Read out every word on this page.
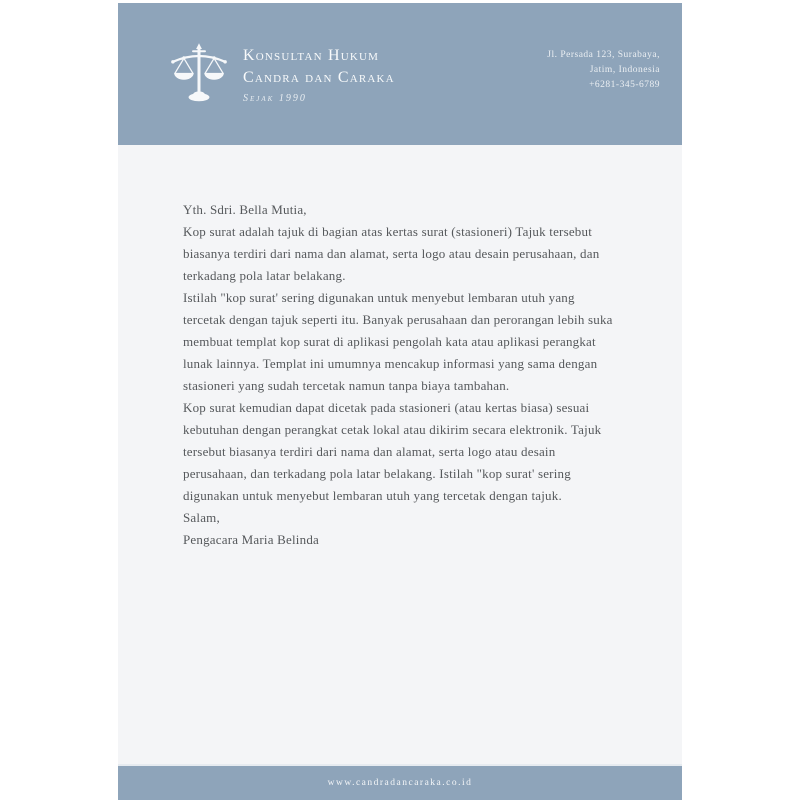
Konsultan Hukum
Candra dan Caraka
Sejak 1990
Jl. Persada 123, Surabaya,
Jatim, Indonesia
+6281-345-6789

Yth. Sdri. Bella Mutia,

Kop surat adalah tajuk di bagian atas kertas surat (stasioneri) Tajuk tersebut biasanya terdiri dari nama dan alamat, serta logo atau desain perusahaan, dan terkadang pola latar belakang.

Istilah "kop surat' sering digunakan untuk menyebut lembaran utuh yang tercetak dengan tajuk seperti itu. Banyak perusahaan dan perorangan lebih suka membuat templat kop surat di aplikasi pengolah kata atau aplikasi perangkat lunak lainnya. Templat ini umumnya mencakup informasi yang sama dengan stasioneri yang sudah tercetak namun tanpa biaya tambahan.

Kop surat kemudian dapat dicetak pada stasioneri (atau kertas biasa) sesuai kebutuhan dengan perangkat cetak lokal atau dikirim secara elektronik. Tajuk tersebut biasanya terdiri dari nama dan alamat, serta logo atau desain perusahaan, dan terkadang pola latar belakang. Istilah "kop surat' sering digunakan untuk menyebut lembaran utuh yang tercetak dengan tajuk.

Salam,

Pengacara Maria Belinda

www.candradancaraka.co.id
